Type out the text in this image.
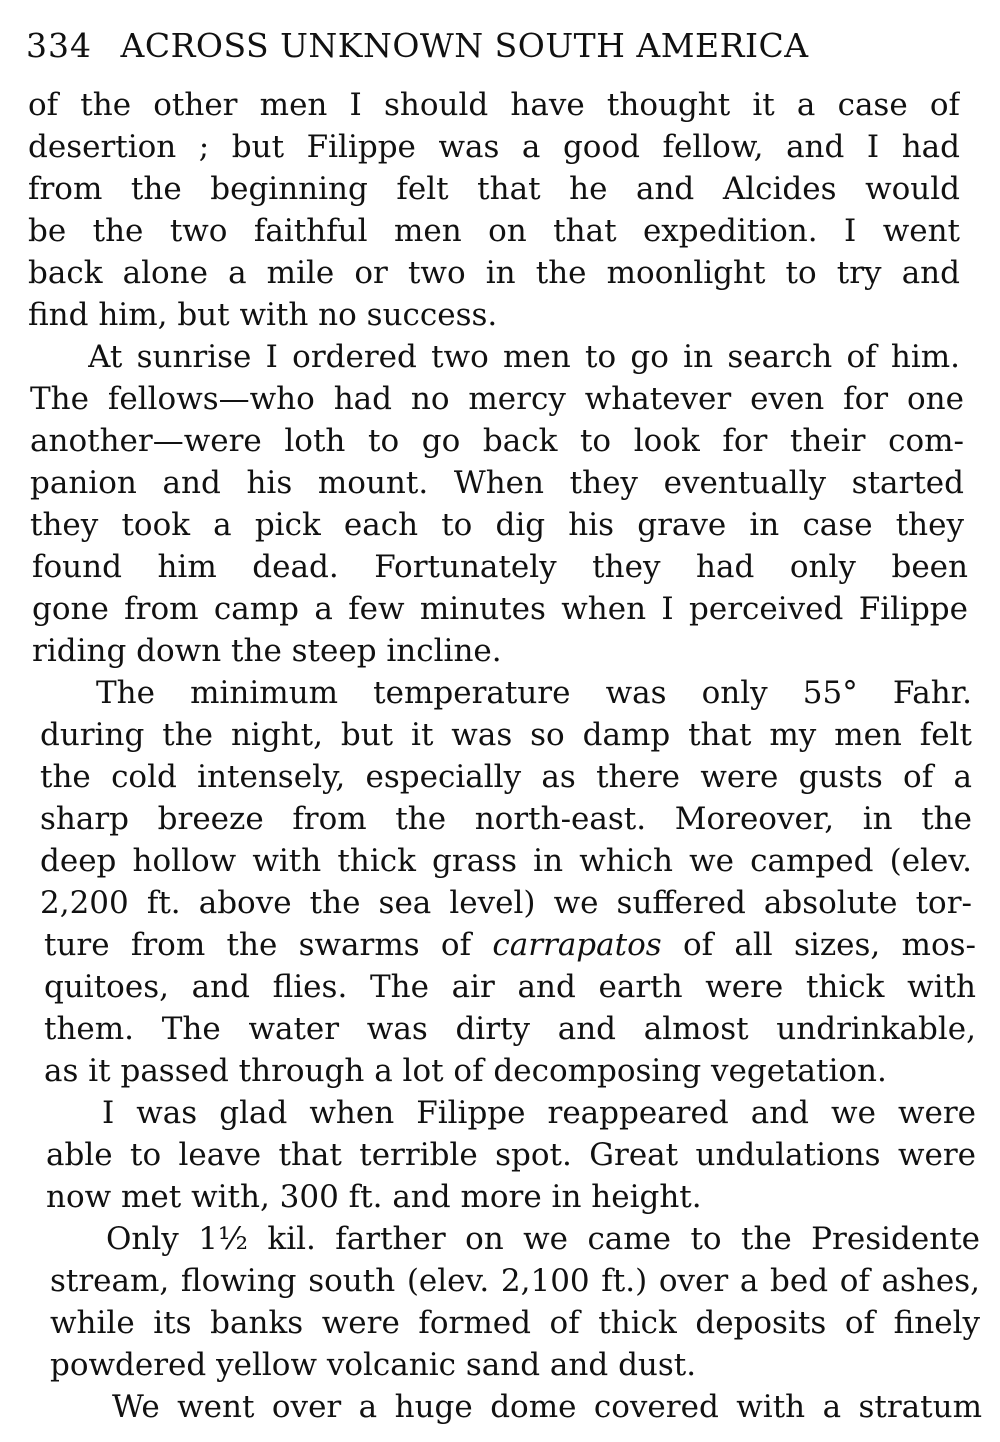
334 ACROSS UNKNOWN SOUTH AMERICA
of the other men I should have thought it a case of
desertion ; but Filippe was a good fellow, and I had
from the beginning felt that he and Alcides would
be the two faithful men on that expedition. I went
back alone a mile or two in the moonlight to try and
find him, but with no success.
At sunrise I ordered two men to go in search of him.
The fellows—who had no mercy whatever even for one
another—were loth to go back to look for their com-
panion and his mount. When they eventually started
they took a pick each to dig his grave in case they
found him dead. Fortunately they had only been
gone from camp a few minutes when I perceived Filippe
riding down the steep incline.
The minimum temperature was only 55° Fahr.
during the night, but it was so damp that my men felt
the cold intensely, especially as there were gusts of a
sharp breeze from the north-east. Moreover, in the
deep hollow with thick grass in which we camped (elev.
2,200 ft. above the sea level) we suffered absolute tor-
ture from the swarms of carrapatos of all sizes, mos-
quitoes, and flies. The air and earth were thick with
them. The water was dirty and almost undrinkable,
as it passed through a lot of decomposing vegetation.
I was glad when Filippe reappeared and we were
able to leave that terrible spot. Great undulations were
now met with, 300 ft. and more in height.
Only 1½ kil. farther on we came to the Presidente
stream, flowing south (elev. 2,100 ft.) over a bed of ashes,
while its banks were formed of thick deposits of finely
powdered yellow volcanic sand and dust.
We went over a huge dome covered with a stratum
